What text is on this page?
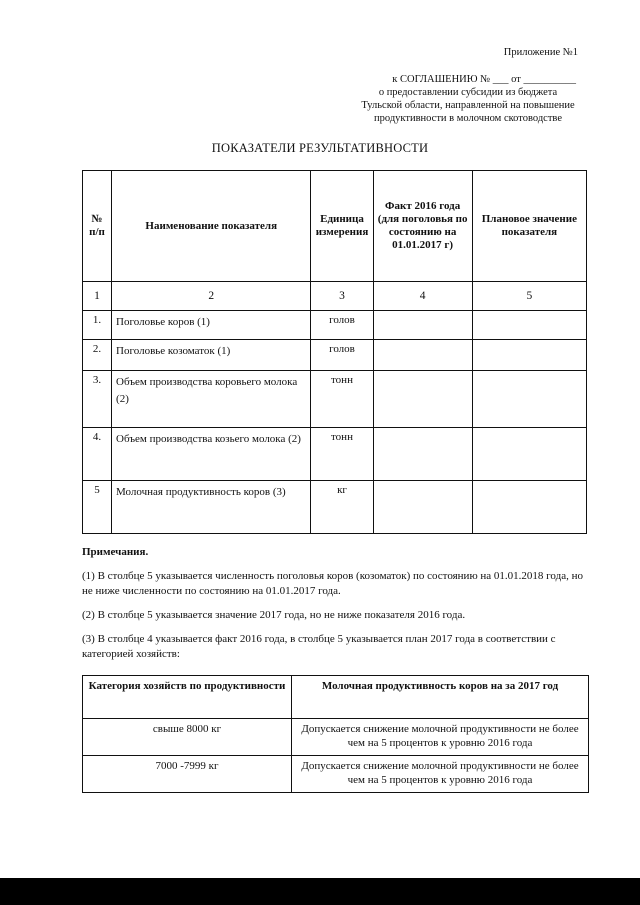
Приложение №1
к СОГЛАШЕНИЮ № ___ от __________
о предоставлении субсидии из бюджета
Тульской области, направленной на повышение
продуктивности в молочном скотоводстве
ПОКАЗАТЕЛИ РЕЗУЛЬТАТИВНОСТИ
№ п/п	Наименование показателя	Единица измерения	Факт 2016 года (для поголовья по состоянию на 01.01.2017 г)	Плановое значение показателя
1	2	3	4	5
1.	Поголовье коров (1)	голов		
2.	Поголовье козоматок (1)	голов		
3.	Объем производства коровьего молока (2)	тонн		
4.	Объем производства козьего молока (2)	тонн		
5	Молочная продуктивность коров (3)	кг		
Примечания.

(1) В столбце 5 указывается численность поголовья коров (козоматок) по состоянию на 01.01.2018 года, но не ниже численности по состоянию на 01.01.2017 года.

(2) В столбце 5 указывается значение 2017 года, но не ниже показателя 2016 года.

(3) В столбце 4 указывается факт 2016 года, в столбце 5 указывается план 2017 года в соответствии с категорией хозяйств:

Категория хозяйств по продуктивности	Молочная продуктивность коров на за 2017 год
свыше 8000 кг	Допускается снижение молочной продуктивности не более чем на 5 процентов к уровню 2016 года
7000 -7999 кг	Допускается снижение молочной продуктивности не более чем на 5 процентов к уровню 2016 года
